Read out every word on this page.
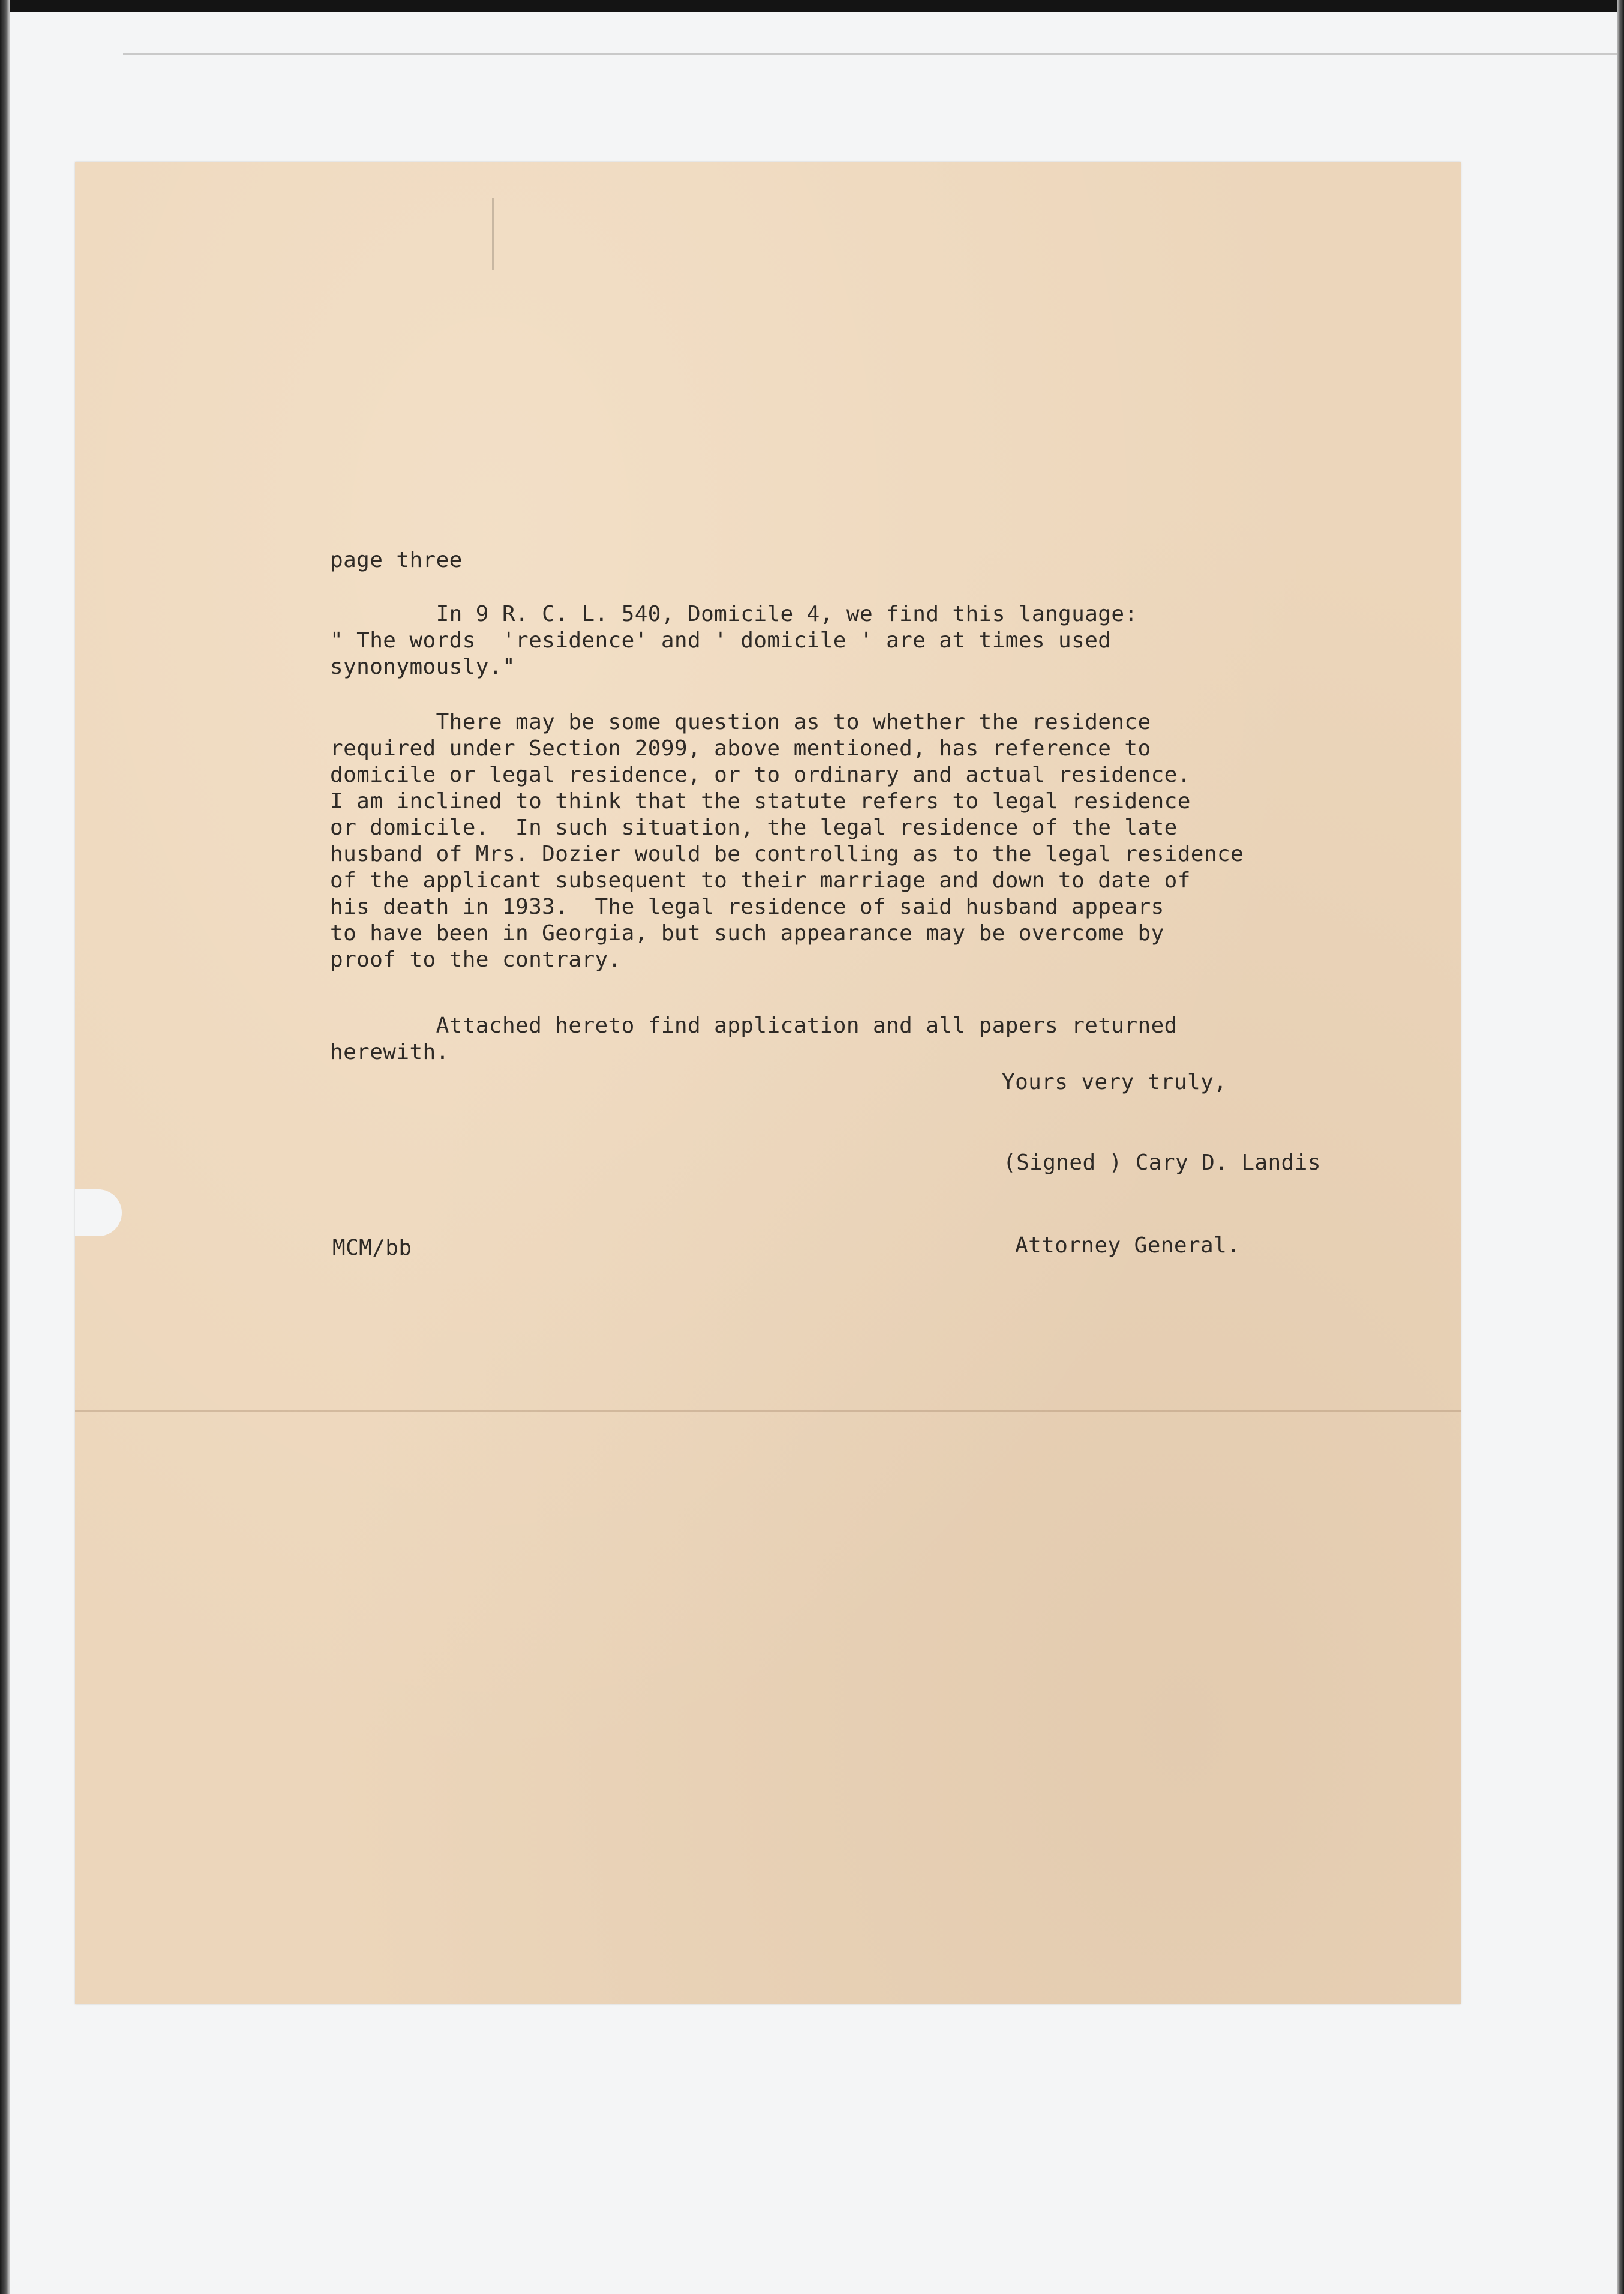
page three
In 9 R. C. L. 540, Domicile 4, we find this language:
" The words  'residence' and ' domicile ' are at times used
synonymously."
There may be some question as to whether the residence
required under Section 2099, above mentioned, has reference to
domicile or legal residence, or to ordinary and actual residence.
I am inclined to think that the statute refers to legal residence
or domicile.  In such situation, the legal residence of the late
husband of Mrs. Dozier would be controlling as to the legal residence
of the applicant subsequent to their marriage and down to date of
his death in 1933.  The legal residence of said husband appears
to have been in Georgia, but such appearance may be overcome by
proof to the contrary.
Attached hereto find application and all papers returned
herewith.
Yours very truly,
(Signed ) Cary D. Landis
MCM/bb	Attorney General.
